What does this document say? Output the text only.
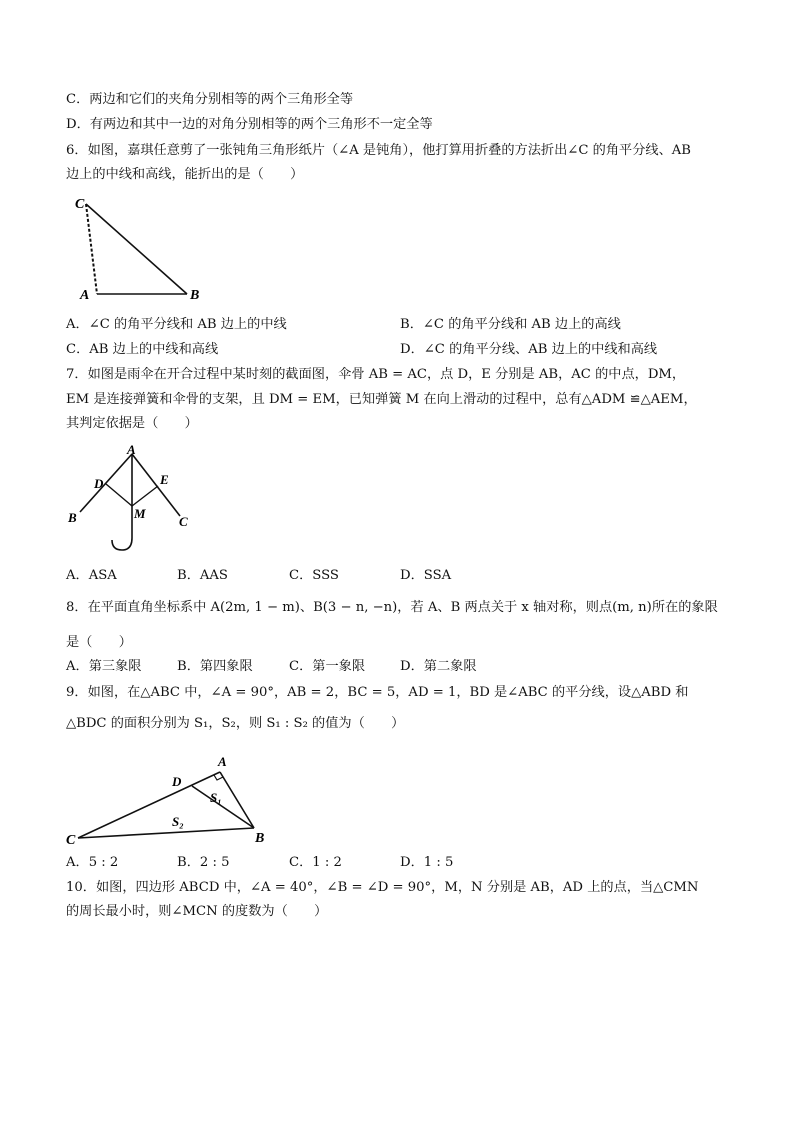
C．两边和它们的夹角分别相等的两个三角形全等
D．有两边和其中一边的对角分别相等的两个三角形不一定全等
6．如图，嘉琪任意剪了一张钝角三角形纸片（∠A 是钝角），他打算用折叠的方法折出∠C 的角平分线、AB
边上的中线和高线，能折出的是（　　）
C
A	B
A．∠C 的角平分线和 AB 边上的中线	B．∠C 的角平分线和 AB 边上的高线
C．AB 边上的中线和高线	D．∠C 的角平分线、AB 边上的中线和高线
7．如图是雨伞在开合过程中某时刻的截面图，伞骨 AB = AC，点 D，E 分别是 AB，AC 的中点，DM，
EM 是连接弹簧和伞骨的支架，且 DM = EM，已知弹簧 M 在向上滑动的过程中，总有△ADM ≌△AEM，
其判定依据是（　　）
A
D	E
M
B	C
A．ASA	B．AAS	C．SSS	D．SSA
8．在平面直角坐标系中 A(2m, 1 − m)、B(3 − n, −n)，若 A、B 两点关于 x 轴对称，则点(m, n)所在的象限
是（　　）
A．第三象限	B．第四象限	C．第一象限	D．第二象限
9．如图，在△ABC 中，∠A = 90°，AB = 2，BC = 5，AD = 1，BD 是∠ABC 的平分线，设△ABD 和
△BDC 的面积分别为 S₁，S₂，则 S₁ : S₂ 的值为（　　）
A
D
C	B
S₁
S₂
A．5 : 2	B．2 : 5	C．1 : 2	D．1 : 5
10．如图，四边形 ABCD 中，∠A = 40°，∠B = ∠D = 90°，M，N 分别是 AB，AD 上的点，当△CMN
的周长最小时，则∠MCN 的度数为（　　）
